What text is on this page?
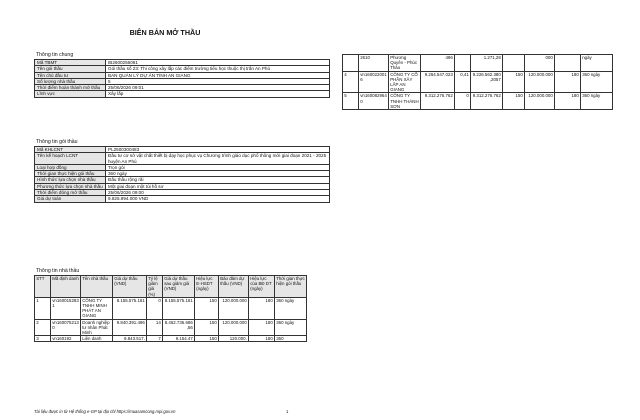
BIÊN BẢN MỞ THẦU
Thông tin chung
Mã TBMT	IB2600256061
Tên gói thầu	Gói thầu số 23: Thi công xây lắp các điểm trường tiểu học thuộc thị trấn An Phú
Tên chủ đầu tư	BAN QUẢN LÝ DỰ ÁN TỈNH AN GIANG
Số lượng nhà thầu	5
Thời điểm hoàn thành mở thầu	25/06/2026 09:01
Lĩnh vực	Xây lắp
Thông tin gói thầu
Mã KHLCNT	PL2500300483
Tên kế hoạch LCNT	Đầu tư cơ sở vật chất thiết bị dạy học phục vụ Chương trình giáo dục phổ thông mới giai đoạn 2021 - 2025 huyện An Phú
Loại hợp đồng	Trọn gói
Thời gian thực hiện gói thầu	360 ngày
Hình thức lựa chọn nhà thầu	Đấu thầu rộng rãi
Phương thức lựa chọn nhà thầu	Một giai đoạn một túi hồ sơ
Thời điểm đóng mở thầu	25/06/2026 09:00
Giá dự toán	9.825.994.000 VND
Thông tin nhà thầu
STT	Mã định danh	Tên nhà thầu	Giá dự thầu (VND)	Tỷ lệ giảm giá (%)	Giá dự thầu sau giảm giá (VND)	Hiệu lực E-HSDT (ngày)	Bảo đảm dự thầu (VND)	Hiệu lực của BĐ DT (ngày)	Thời gian thực hiện gói thầu
1	vn1600152831	CÔNG TY TNHH MINH PHÁT AN GIANG	8.155.575.181	0	8.155.575.181	150	120.000.000	180	360 ngày
2	vn1600752130	Doanh nghiệp tư nhân Phát Minh	9.840.391.496	14	8.462.736.686,56	150	120.000.000	180	360 ngày
3	vn160192	Liên danh	9.843.517.	7	9.154.47	150	120.000.	180	360
	2610	Phương Quyên - Phúc Thảo	496		1.271,28		000		ngày
4	vn1600220016	CÔNG TY CỔ PHẦN XÂY LẮP AN GIANG	9.264.547.023	0,41	9.226.562.380,2057	150	120.000.000	180	360 ngày
5	vn1600829640	CÔNG TY TNHH THÀNH SƠN	9.312.276.762	0	9.312.276.762	150	120.000.000	180	360 ngày
Tài liệu được in từ Hệ thống e-GP tại địa chỉ https://muasamcong.mpi.gov.vn	1
